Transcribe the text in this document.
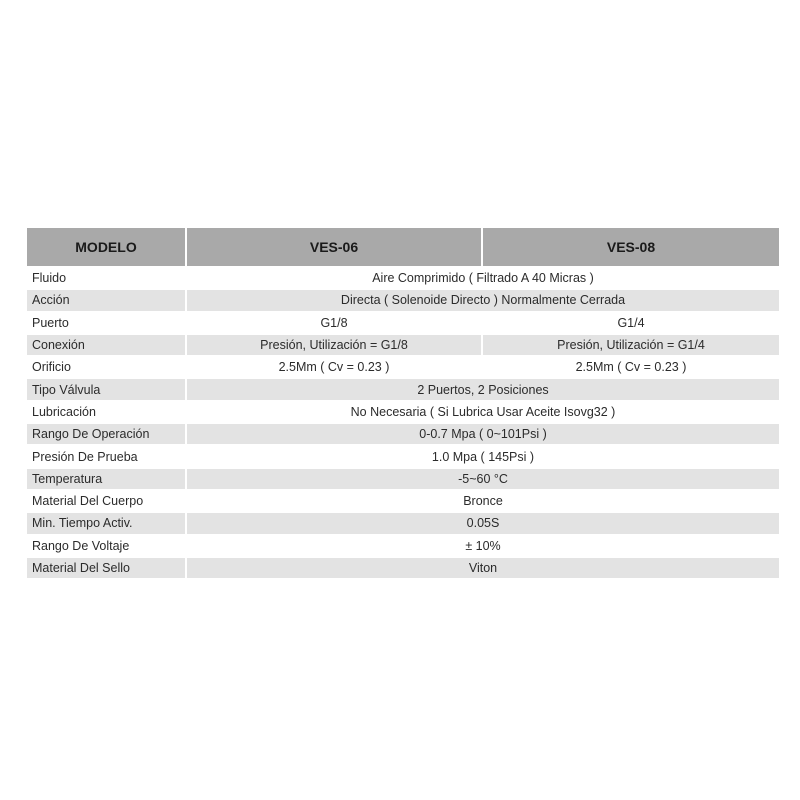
MODELO	VES-06	VES-08
Fluido	Aire Comprimido ( Filtrado A 40 Micras )	
Acción	Directa ( Solenoide Directo ) Normalmente Cerrada	
Puerto	G1/8	G1/4
Conexión	Presión, Utilización = G1/8	Presión, Utilización = G1/4
Orificio	2.5Mm ( Cv = 0.23 )	2.5Mm ( Cv = 0.23 )
Tipo Válvula	2 Puertos, 2 Posiciones	
Lubricación	No Necesaria ( Si Lubrica Usar Aceite Isovg32 )	
Rango De Operación	0-0.7 Mpa ( 0~101Psi )	
Presión De Prueba	1.0 Mpa ( 145Psi )	
Temperatura	-5~60 °C	
Material Del Cuerpo	Bronce	
Min. Tiempo Activ.	0.05S	
Rango De Voltaje	± 10%	
Material Del Sello	Viton	
